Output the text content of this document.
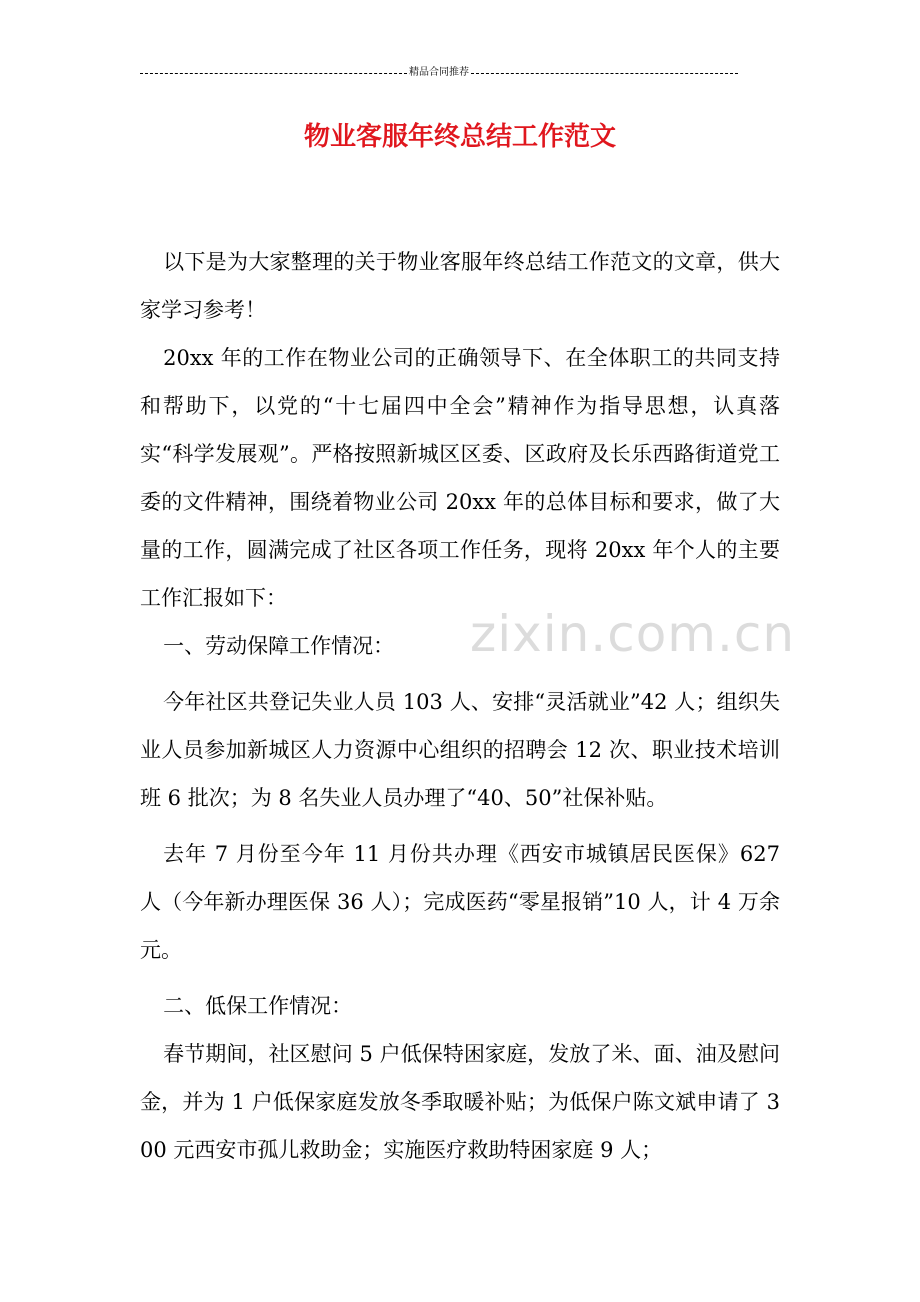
精品合同推荐
物业客服年终总结工作范文
zixin.com.cn

以下是为大家整理的关于物业客服年终总结工作范文的文章，供大家学习参考！

20xx 年的工作在物业公司的正确领导下、在全体职工的共同支持和帮助下，以党的“十七届四中全会”精神作为指导思想，认真落实“科学发展观”。严格按照新城区区委、区政府及长乐西路街道党工委的文件精神，围绕着物业公司 20xx 年的总体目标和要求，做了大量的工作，圆满完成了社区各项工作任务，现将 20xx 年个人的主要工作汇报如下：

一、劳动保障工作情况：

今年社区共登记失业人员 103 人、安排“灵活就业”42 人；组织失业人员参加新城区人力资源中心组织的招聘会 12 次、职业技术培训班 6 批次；为 8 名失业人员办理了“40、50”社保补贴。

去年 7 月份至今年 11 月份共办理《西安市城镇居民医保》627 人（今年新办理医保 36 人）；完成医药“零星报销”10 人，计 4 万余元。

二、低保工作情况：

春节期间，社区慰问 5 户低保特困家庭，发放了米、面、油及慰问金，并为 1 户低保家庭发放冬季取暖补贴；为低保户陈文斌申请了 300 元西安市孤儿救助金；实施医疗救助特困家庭 9 人；
